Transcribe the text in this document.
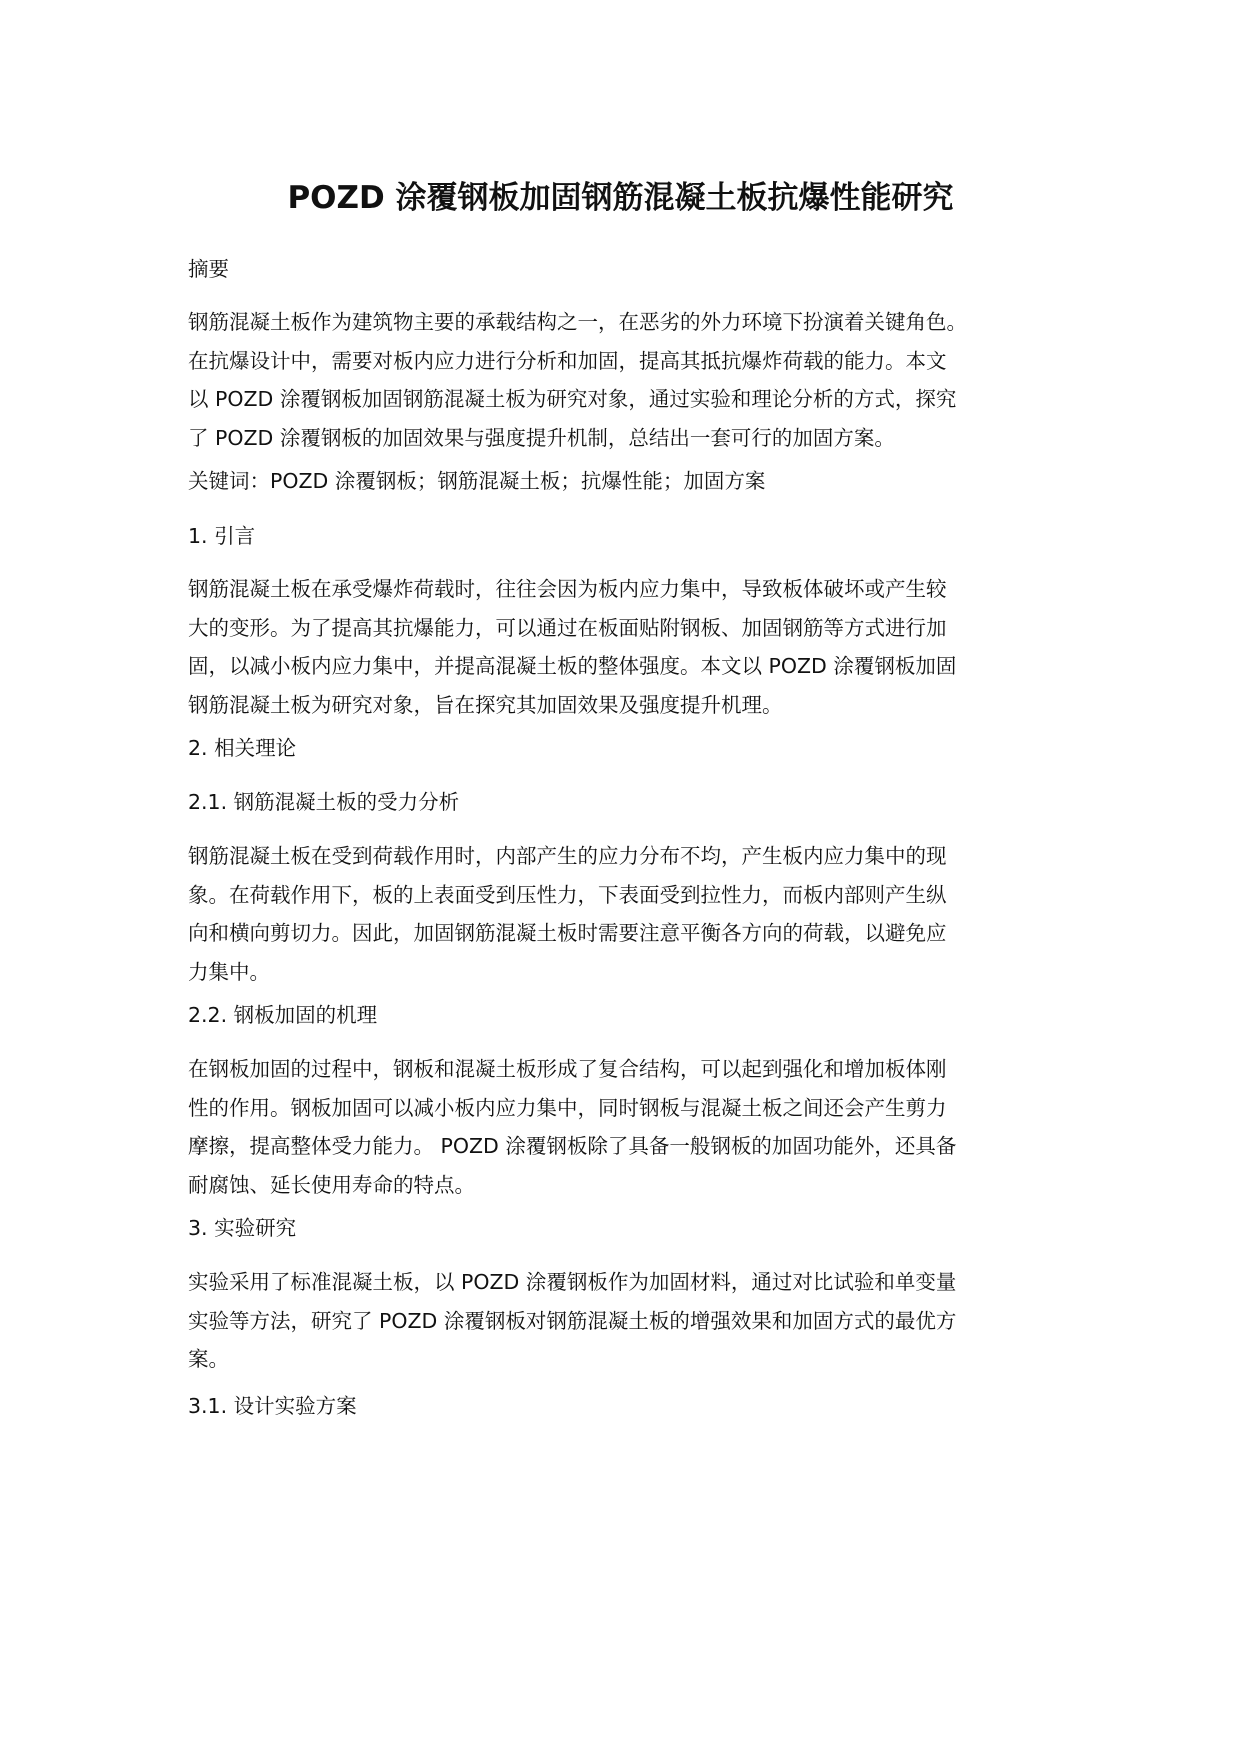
POZD 涂覆钢板加固钢筋混凝土板抗爆性能研究
摘要
钢筋混凝土板作为建筑物主要的承载结构之一，在恶劣的外力环境下扮演着关键角色。
在抗爆设计中，需要对板内应力进行分析和加固，提高其抵抗爆炸荷载的能力。本文
以 POZD 涂覆钢板加固钢筋混凝土板为研究对象，通过实验和理论分析的方式，探究
了 POZD 涂覆钢板的加固效果与强度提升机制，总结出一套可行的加固方案。
关键词：POZD 涂覆钢板；钢筋混凝土板；抗爆性能；加固方案
1. 引言
钢筋混凝土板在承受爆炸荷载时，往往会因为板内应力集中，导致板体破坏或产生较
大的变形。为了提高其抗爆能力，可以通过在板面贴附钢板、加固钢筋等方式进行加
固，以减小板内应力集中，并提高混凝土板的整体强度。本文以 POZD 涂覆钢板加固
钢筋混凝土板为研究对象，旨在探究其加固效果及强度提升机理。
2. 相关理论
2.1. 钢筋混凝土板的受力分析
钢筋混凝土板在受到荷载作用时，内部产生的应力分布不均，产生板内应力集中的现
象。在荷载作用下，板的上表面受到压性力，下表面受到拉性力，而板内部则产生纵
向和横向剪切力。因此，加固钢筋混凝土板时需要注意平衡各方向的荷载，以避免应
力集中。
2.2. 钢板加固的机理
在钢板加固的过程中，钢板和混凝土板形成了复合结构，可以起到强化和增加板体刚
性的作用。钢板加固可以减小板内应力集中，同时钢板与混凝土板之间还会产生剪力
摩擦，提高整体受力能力。 POZD 涂覆钢板除了具备一般钢板的加固功能外，还具备
耐腐蚀、延长使用寿命的特点。
3. 实验研究
实验采用了标准混凝土板，以 POZD 涂覆钢板作为加固材料，通过对比试验和单变量
实验等方法，研究了 POZD 涂覆钢板对钢筋混凝土板的增强效果和加固方式的最优方
案。
3.1. 设计实验方案
